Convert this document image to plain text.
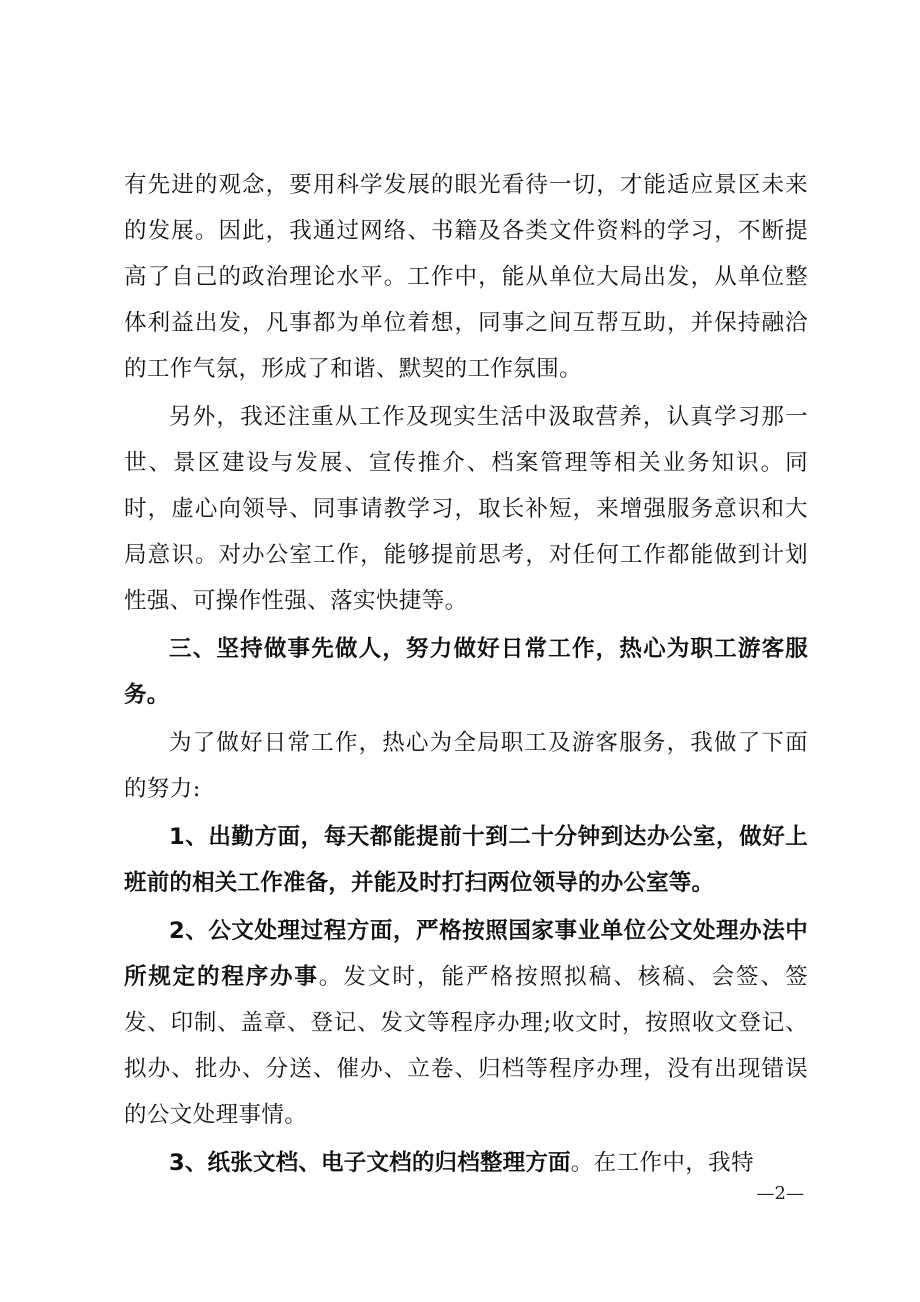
有先进的观念，要用科学发展的眼光看待一切，才能适应景区未来的发展。因此，我通过网络、书籍及各类文件资料的学习，不断提高了自己的政治理论水平。工作中，能从单位大局出发，从单位整体利益出发，凡事都为单位着想，同事之间互帮互助，并保持融洽的工作气氛，形成了和谐、默契的工作氛围。

另外，我还注重从工作及现实生活中汲取营养，认真学习那一世、景区建设与发展、宣传推介、档案管理等相关业务知识。同时，虚心向领导、同事请教学习，取长补短，来增强服务意识和大局意识。对办公室工作，能够提前思考，对任何工作都能做到计划性强、可操作性强、落实快捷等。

三、坚持做事先做人，努力做好日常工作，热心为职工游客服务。

为了做好日常工作，热心为全局职工及游客服务，我做了下面的努力:

1、出勤方面，每天都能提前十到二十分钟到达办公室，做好上班前的相关工作准备，并能及时打扫两位领导的办公室等。

2、公文处理过程方面，严格按照国家事业单位公文处理办法中所规定的程序办事。发文时，能严格按照拟稿、核稿、会签、签发、印制、盖章、登记、发文等程序办理;收文时，按照收文登记、拟办、批办、分送、催办、立卷、归档等程序办理，没有出现错误的公文处理事情。

3、纸张文档、电子文档的归档整理方面。在工作中，我特

—2—
